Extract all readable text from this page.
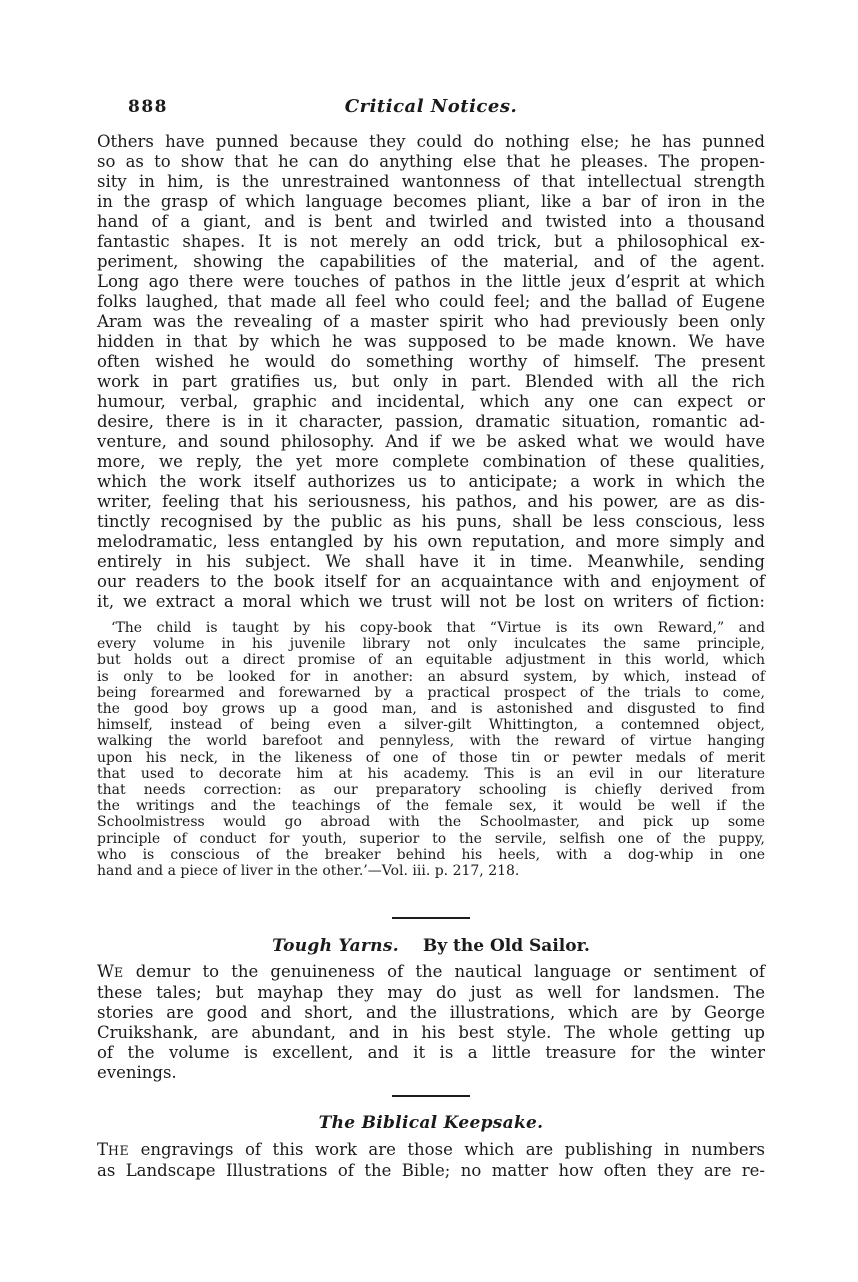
888	Critical Notices.
Others have punned because they could do nothing else; he has punned
so as to show that he can do anything else that he pleases. The propen-
sity in him, is the unrestrained wantonness of that intellectual strength
in the grasp of which language becomes pliant, like a bar of iron in the
hand of a giant, and is bent and twirled and twisted into a thousand
fantastic shapes. It is not merely an odd trick, but a philosophical ex-
periment, showing the capabilities of the material, and of the agent.
Long ago there were touches of pathos in the little jeux d’esprit at which
folks laughed, that made all feel who could feel; and the ballad of Eugene
Aram was the revealing of a master spirit who had previously been only
hidden in that by which he was supposed to be made known. We have
often wished he would do something worthy of himself. The present
work in part gratifies us, but only in part. Blended with all the rich
humour, verbal, graphic and incidental, which any one can expect or
desire, there is in it character, passion, dramatic situation, romantic ad-
venture, and sound philosophy. And if we be asked what we would have
more, we reply, the yet more complete combination of these qualities,
which the work itself authorizes us to anticipate; a work in which the
writer, feeling that his seriousness, his pathos, and his power, are as dis-
tinctly recognised by the public as his puns, shall be less conscious, less
melodramatic, less entangled by his own reputation, and more simply and
entirely in his subject. We shall have it in time. Meanwhile, sending
our readers to the book itself for an acquaintance with and enjoyment of
it, we extract a moral which we trust will not be lost on writers of fiction:
‘The child is taught by his copy-book that “Virtue is its own Reward,” and
every volume in his juvenile library not only inculcates the same principle,
but holds out a direct promise of an equitable adjustment in this world, which
is only to be looked for in another: an absurd system, by which, instead of
being forearmed and forewarned by a practical prospect of the trials to come,
the good boy grows up a good man, and is astonished and disgusted to find
himself, instead of being even a silver-gilt Whittington, a contemned object,
walking the world barefoot and pennyless, with the reward of virtue hanging
upon his neck, in the likeness of one of those tin or pewter medals of merit
that used to decorate him at his academy. This is an evil in our literature
that needs correction: as our preparatory schooling is chiefly derived from
the writings and the teachings of the female sex, it would be well if the
Schoolmistress would go abroad with the Schoolmaster, and pick up some
principle of conduct for youth, superior to the servile, selfish one of the puppy,
who is conscious of the breaker behind his heels, with a dog-whip in one
hand and a piece of liver in the other.’—Vol. iii. p. 217, 218.
Tough Yarns. By the Old Sailor.
WE demur to the genuineness of the nautical language or sentiment of
these tales; but mayhap they may do just as well for landsmen. The
stories are good and short, and the illustrations, which are by George
Cruikshank, are abundant, and in his best style. The whole getting up
of the volume is excellent, and it is a little treasure for the winter
evenings.
The Biblical Keepsake.
THE engravings of this work are those which are publishing in numbers
as Landscape Illustrations of the Bible; no matter how often they are re-
